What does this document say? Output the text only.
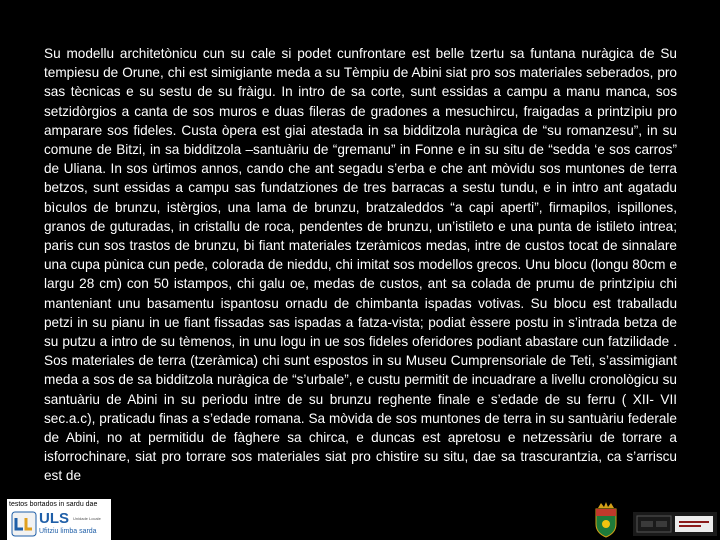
Su modellu architetònicu cun su cale si podet cunfrontare est belle tzertu sa funtana nuràgica de Su tempiesu de Orune, chi est simigiante meda a su Tèmpiu de Abini siat pro sos materiales seberados, pro sas tècnicas e su sestu de su fràigu. In intro de sa corte, sunt essidas a campu a manu manca, sos setzidòrgios a canta de sos muros e duas fileras de gradones a mesuchircu, fraigadas a printzìpiu pro amparare sos fideles. Custa òpera est giai atestada in sa bidditzola nuràgica de “su romanzesu”, in su comune de Bitzi, in sa bidditzola –santuàriu de “gremanu” in Fonne e in su situ de “sedda ‘e sos carros” de Uliana. In sos ùrtimos annos, cando che ant segadu s’erba e che ant mòvidu sos muntones de terra betzos, sunt essidas a campu sas fundatziones de tres barracas a sestu tundu, e in intro ant agatadu bìculos de brunzu, istèrgios, una lama de brunzu, bratzaleddos “a capi aperti”, firmapilos, ispillones, granos de guturadas, in cristallu de roca, pendentes de brunzu, un’istileto e una punta de istileto intrea; paris cun sos trastos de brunzu, bi fiant materiales tzeràmicos medas, intre de custos tocat de sinnalare una cupa pùnica cun pede, colorada de nieddu, chi imitat sos modellos grecos. Unu blocu (longu 80cm e largu 28 cm) con 50 istampos, chi galu oe, medas de custos, ant sa colada de prumu de printzìpiu chi manteniant unu basamentu ispantosu ornadu de chimbanta ispadas votivas. Su blocu est traballadu petzi in su pianu in ue fiant fissadas sas ispadas a fatza-vista; podiat èssere postu in s’intrada betza de su putzu a intro de su tèmenos, in unu logu in ue sos fideles oferidores podiant abastare cun fatzilidade . Sos materiales de terra (tzeràmica) chi sunt espostos in su Museu Cumprensoriale de Teti, s’assimigiant meda a sos de sa bidditzola nuràgica de “s’urbale”, e custu permitit de incuadrare a livellu cronològicu su santuàriu de Abini in su perìodu intre de su brunzu reghente finale e s’edade de su ferru ( XII- VII sec.a.c), praticadu finas a s’edade romana. Sa mòvida de sos muntones de terra in su santuàriu federale de Abini, no at permitidu de fàghere sa chirca, e duncas est apretosu e netzessàriu de torrare a isforrochinare, siat pro torrare sos materiales siat pro chistire su situ, dae sa trascurantzia, ca s’arriscu est de

testos bortados in sardu dae
ULS Unidade Locale
Ufitziu limba sarda
